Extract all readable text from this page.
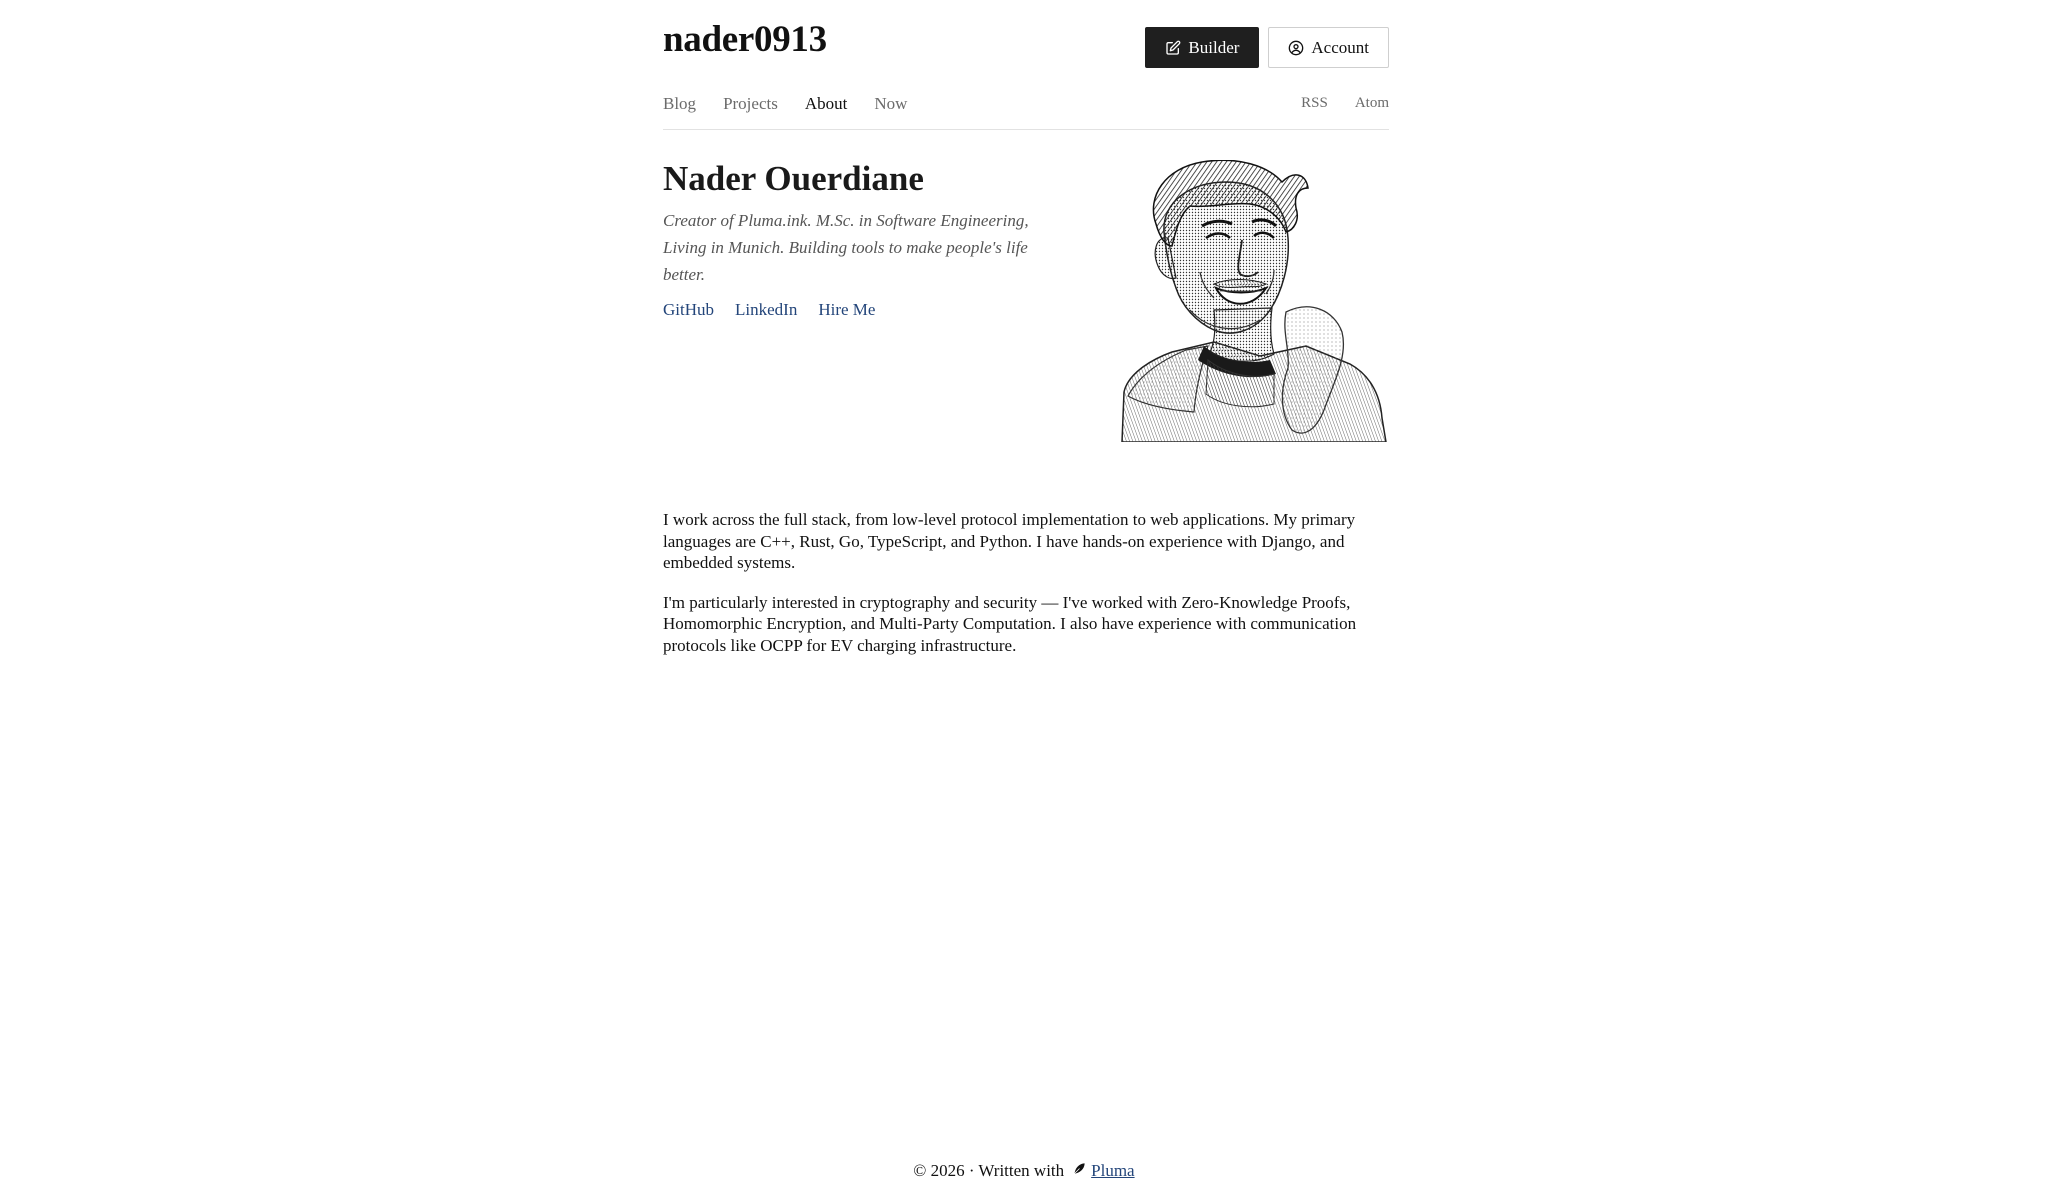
nader0913	Builder	Account
Blog Projects About Now	RSS Atom
Nader Ouerdiane

Creator of Pluma.ink. M.Sc. in Software Engineering, Living in Munich. Building tools to make people's life better.

GitHub LinkedIn Hire Me

I work across the full stack, from low-level protocol implementation to web applications. My primary languages are C++, Rust, Go, TypeScript, and Python. I have hands-on experience with Django, and embedded systems.

I'm particularly interested in cryptography and security — I've worked with Zero-Knowledge Proofs, Homomorphic Encryption, and Multi-Party Computation. I also have experience with communication protocols like OCPP for EV charging infrastructure.

© 2026 · Written with Pluma
